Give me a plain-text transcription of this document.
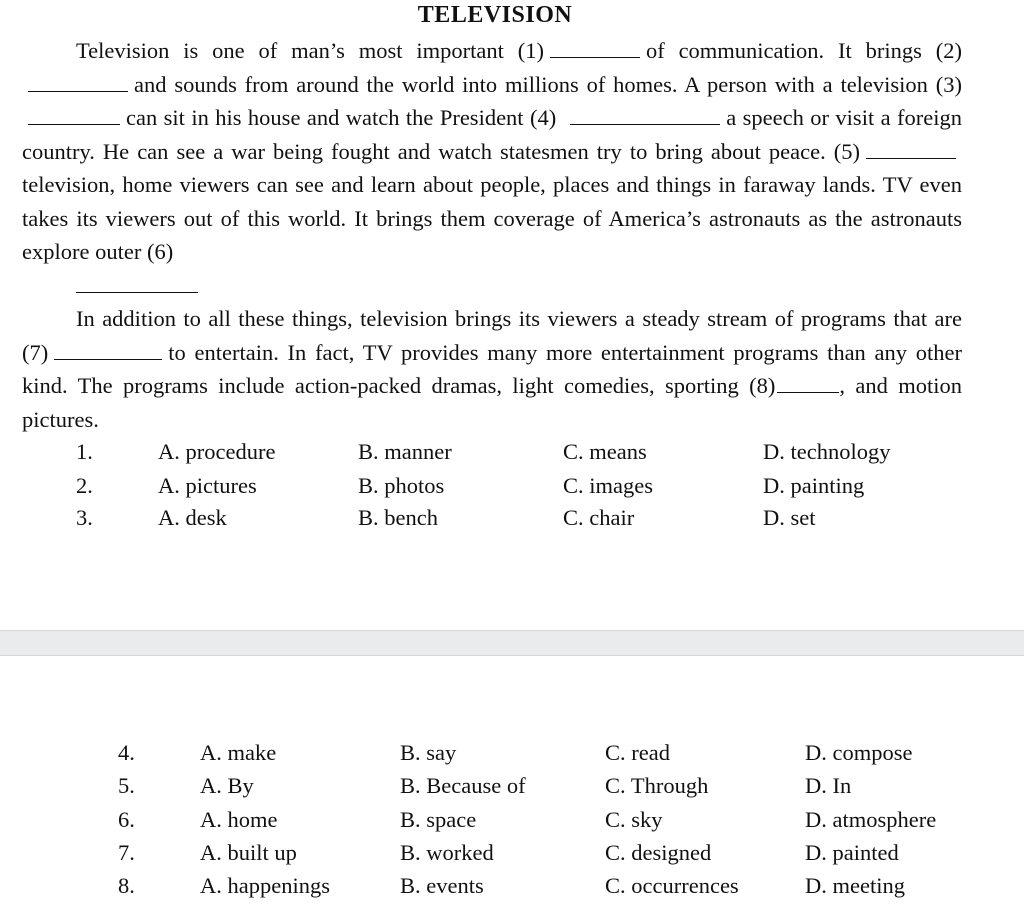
TELEVISION

Television is one of man’s most important (1)	of communication. It brings (2)and sounds from around the world into millions of homes. A person with a television (3)can sit in his house and watch the President (4)	a speech or visit a foreign country. He can see a war being fought and watch statesmen try to bring about peace. (5)television, home viewers can see and learn about people, places and things in faraway lands. TV even takes its viewers out of this world. It brings them coverage of America’s astronauts as the astronauts explore outer (6)

In addition to all these things, television brings its viewers a steady stream of programs that are (7)	to entertain. In fact, TV provides many more entertainment programs than any other kind. The programs include action-packed dramas, light comedies, sporting (8)	, and motion pictures.

1.	A. procedure	B. manner	C. means	D. technology
2.	A. pictures	B. photos	C. images	D. painting
3.	A. desk	B. bench	C. chair	D. set
4.	A. make	B. say	C. read	D. compose
5.	A. By	B. Because of	C. Through	D. In
6.	A. home	B. space	C. sky	D. atmosphere
7.	A. built up	B. worked	C. designed	D. painted
8.	A. happenings	B. events	C. occurrences	D. meeting
